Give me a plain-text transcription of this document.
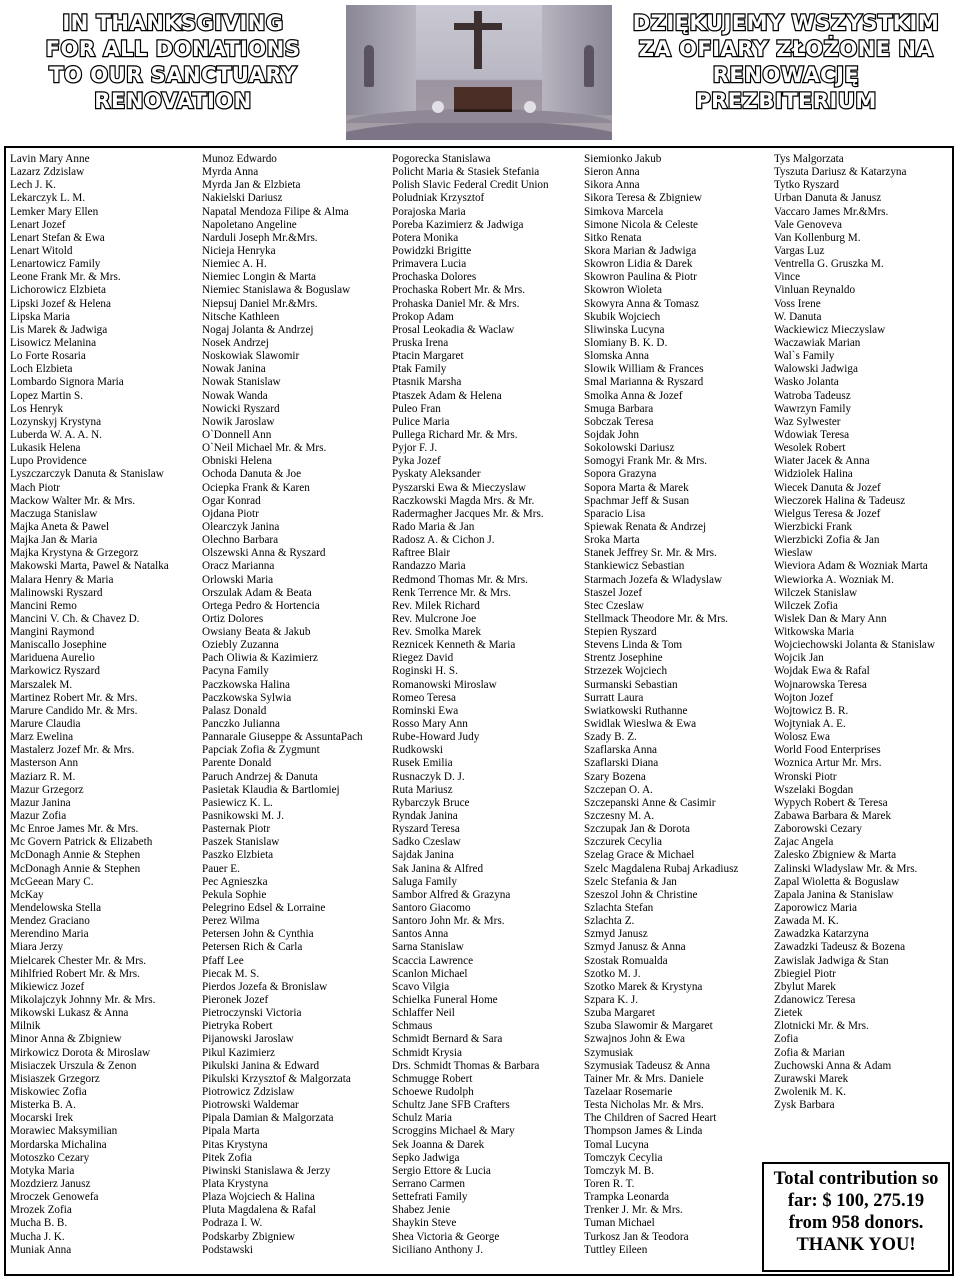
IN THANKSGIVING
FOR ALL DONATIONS
TO OUR SANCTUARY
RENOVATION
DZIĘKUJEMY WSZYSTKIM
ZA OFIARY ZŁOŻONE NA
RENOWACJĘ
PREZBITERIUM
Lavin Mary Anne
Lazarz Zdzislaw
Lech J. K.
Lekarczyk L. M.
Lemker Mary Ellen
Lenart Jozef
Lenart Stefan & Ewa
Lenart Witold
Lenartowicz Family
Leone Frank Mr. & Mrs.
Lichorowicz Elzbieta
Lipski Jozef & Helena
Lipska Maria
Lis Marek & Jadwiga
Lisowicz Melanina
Lo Forte Rosaria
Loch Elzbieta
Lombardo Signora Maria
Lopez Martin S.
Los Henryk
Lozynskyj Krystyna
Luberda W. A. A. N.
Lukasik Helena
Lupo Providence
Lyszczarczyk Danuta & Stanislaw
Mach Piotr
Mackow Walter Mr. & Mrs.
Maczuga Stanislaw
Majka Aneta & Pawel
Majka Jan & Maria
Majka Krystyna & Grzegorz
Makowski Marta, Pawel & Natalka
Malara Henry & Maria
Malinowski Ryszard
Mancini Remo
Mancini V. Ch. & Chavez D.
Mangini Raymond
Maniscallo Josephine
Mariduena Aurelio
Markowicz Ryszard
Marszalek M.
Martinez Robert Mr. & Mrs.
Marure Candido Mr. & Mrs.
Marure Claudia
Marz Ewelina
Mastalerz Jozef Mr. & Mrs.
Masterson Ann
Maziarz R. M.
Mazur Grzegorz
Mazur Janina
Mazur Zofia
Mc Enroe James Mr. & Mrs.
Mc Govern Patrick & Elizabeth
McDonagh Annie & Stephen
McDonagh Annie & Stephen
McGeean Mary C.
McKay
Mendelowska Stella
Mendez Graciano
Merendino Maria
Miara Jerzy
Mielcarek Chester Mr. & Mrs.
Mihlfried Robert Mr. & Mrs.
Mikiewicz Jozef
Mikolajczyk Johnny Mr. & Mrs.
Mikowski Lukasz & Anna
Milnik
Minor Anna & Zbigniew
Mirkowicz Dorota & Miroslaw
Misiaczek Urszula & Zenon
Misiaszek Grzegorz
Miskowiec Zofia
Misterka B. A.
Mocarski Irek
Morawiec Maksymilian
Mordarska Michalina
Motoszko Cezary
Motyka Maria
Mozdzierz Janusz
Mroczek Genowefa
Mrozek Zofia
Mucha B. B.
Mucha J. K.
Muniak Anna
Munoz Edwardo
Myrda Anna
Myrda Jan & Elzbieta
Nakielski Dariusz
Napatal Mendoza Filipe & Alma
Napoletano Angeline
Narduli Joseph Mr.&Mrs.
Nicieja Henryka
Niemiec A. H.
Niemiec Longin & Marta
Niemiec Stanislawa & Boguslaw
Niepsuj Daniel Mr.&Mrs.
Nitsche Kathleen
Nogaj Jolanta & Andrzej
Nosek Andrzej
Noskowiak Slawomir
Nowak Janina
Nowak Stanislaw
Nowak Wanda
Nowicki Ryszard
Nowik Jaroslaw
O`Donnell Ann
O`Neil Michael Mr. & Mrs.
Obniski Helena
Ochoda Danuta & Joe
Ociepka Frank & Karen
Ogar Konrad
Ojdana Piotr
Olearczyk Janina
Olechno Barbara
Olszewski Anna & Ryszard
Oracz Marianna
Orlowski Maria
Orszulak Adam & Beata
Ortega Pedro & Hortencia
Ortiz Dolores
Owsiany Beata & Jakub
Oziebly Zuzanna
Pach Oliwia & Kazimierz
Pacyna Family
Paczkowska Halina
Paczkowska Sylwia
Palasz Donald
Panczko Julianna
Pannarale Giuseppe & AssuntaPach
Papciak Zofia & Zygmunt
Parente Donald
Paruch Andrzej & Danuta
Pasietak Klaudia & Bartlomiej
Pasiewicz K. L.
Pasnikowski M. J.
Pasternak Piotr
Paszek Stanislaw
Paszko Elzbieta
Pauer E.
Pec Agnieszka
Pekula Sophie
Pelegrino Edsel & Lorraine
Perez Wilma
Petersen John & Cynthia
Petersen Rich & Carla
Pfaff Lee
Piecak M. S.
Pierdos Jozefa & Bronislaw
Pieronek Jozef
Pietroczynski Victoria
Pietryka Robert
Pijanowski Jaroslaw
Pikul Kazimierz
Pikulski Janina & Edward
Pikulski Krzysztof & Malgorzata
Piotrowicz Zdzislaw
Piotrowski Waldemar
Pipala Damian & Malgorzata
Pipala Marta
Pitas Krystyna
Pitek Zofia
Piwinski Stanislawa & Jerzy
Plata Krystyna
Plaza Wojciech & Halina
Pluta Magdalena & Rafal
Podraza I. W.
Podskarby Zbigniew
Podstawski
Pogorecka Stanislawa
Policht Maria & Stasiek Stefania
Polish Slavic Federal Credit Union
Poludniak Krzysztof
Porajoska Maria
Poreba Kazimierz & Jadwiga
Potera Monika
Powidzki Brigitte
Primavera Lucia
Prochaska Dolores
Prochaska Robert Mr. & Mrs.
Prohaska Daniel Mr. & Mrs.
Prokop Adam
Prosal Leokadia & Waclaw
Pruska Irena
Ptacin Margaret
Ptak Family
Ptasnik Marsha
Ptaszek Adam & Helena
Puleo Fran
Pulice Maria
Pullega Richard Mr. & Mrs.
Pyjor F. J.
Pyka Jozef
Pyskaty Aleksander
Pyszarski Ewa & Mieczyslaw
Raczkowski Magda Mrs. & Mr.
Radermagher Jacques Mr. & Mrs.
Rado Maria & Jan
Radosz A. & Cichon J.
Raftree Blair
Randazzo Maria
Redmond Thomas Mr. & Mrs.
Renk Terrence Mr. & Mrs.
Rev. Milek Richard
Rev. Mulcrone Joe
Rev. Smolka Marek
Reznicek Kenneth & Maria
Riegez David
Roginski H. S.
Romanowski Miroslaw
Romeo Teresa
Rominski Ewa
Rosso Mary Ann
Rube-Howard Judy
Rudkowski
Rusek Emilia
Rusnaczyk D. J.
Ruta Mariusz
Rybarczyk Bruce
Ryndak Janina
Ryszard Teresa
Sadko Czeslaw
Sajdak Janina
Sak Janina & Alfred
Saluga Family
Sambor Alfred & Grazyna
Santoro Giacomo
Santoro John Mr. & Mrs.
Santos Anna
Sarna Stanislaw
Scaccia Lawrence
Scanlon Michael
Scavo Vilgia
Schielka Funeral Home
Schlaffer Neil
Schmaus
Schmidt Bernard & Sara
Schmidt Krysia
Drs. Schmidt Thomas & Barbara
Schmugge Robert
Schoewe Rudolph
Schultz Jane SFB Crafters
Schulz Maria
Scroggins Michael & Mary
Sek Joanna & Darek
Sepko Jadwiga
Sergio Ettore & Lucia
Serrano Carmen
Settefrati Family
Shabez Jenie
Shaykin Steve
Shea Victoria & George
Siciliano Anthony J.
Siemionko Jakub
Sieron Anna
Sikora Anna
Sikora Teresa & Zbigniew
Simkova Marcela
Simone Nicola & Celeste
Sitko Renata
Skora Marian & Jadwiga
Skowron Lidia & Darek
Skowron Paulina & Piotr
Skowron Wioleta
Skowyra Anna & Tomasz
Skubik Wojciech
Sliwinska Lucyna
Slomiany B. K. D.
Slomska Anna
Slowik William & Frances
Smal Marianna & Ryszard
Smolka Anna & Jozef
Smuga Barbara
Sobczak Teresa
Sojdak John
Sokolowski Dariusz
Somogyi Frank Mr. & Mrs.
Sopora Grazyna
Sopora Marta & Marek
Spachmar Jeff & Susan
Sparacio Lisa
Spiewak Renata & Andrzej
Sroka Marta
Stanek Jeffrey Sr. Mr. & Mrs.
Stankiewicz Sebastian
Starmach Jozefa & Wladyslaw
Staszel Jozef
Stec Czeslaw
Stellmack Theodore Mr. & Mrs.
Stepien Ryszard
Stevens Linda & Tom
Strentz Josephine
Strzezek Wojciech
Surmanski Sebastian
Surratt Laura
Swiatkowski Ruthanne
Swidlak Wieslwa & Ewa
Szady B. Z.
Szaflarska Anna
Szaflarski Diana
Szary Bozena
Szczepan O. A.
Szczepanski Anne & Casimir
Szczesny M. A.
Szczupak Jan & Dorota
Szczurek Cecylia
Szelag Grace & Michael
Szelc Magdalena Rubaj Arkadiusz
Szelc Stefania & Jan
Szeszol John & Christine
Szlachta Stefan
Szlachta Z.
Szmyd Janusz
Szmyd Janusz & Anna
Szostak Romualda
Szotko M. J.
Szotko Marek & Krystyna
Szpara K. J.
Szuba Margaret
Szuba Slawomir & Margaret
Szwajnos John & Ewa
Szymusiak
Szymusiak Tadeusz & Anna
Tainer Mr. & Mrs. Daniele
Tazelaar Rosemarie
Testa Nicholas Mr. & Mrs.
The Children of Sacred Heart
Thompson James & Linda
Tomal Lucyna
Tomczyk Cecylia
Tomczyk M. B.
Toren R. T.
Trampka Leonarda
Trenker J. Mr. & Mrs.
Tuman Michael
Turkosz Jan & Teodora
Tuttley Eileen
Tys Malgorzata
Tyszuta Dariusz & Katarzyna
Tytko Ryszard
Urban Danuta & Janusz
Vaccaro James Mr.&Mrs.
Vale Genoveva
Van Kollenburg M.
Vargas Luz
Ventrella G. Gruszka M.
Vince
Vinluan Reynaldo
Voss Irene
W. Danuta
Wackiewicz Mieczyslaw
Waczawiak Marian
Wal`s Family
Walowski Jadwiga
Wasko Jolanta
Watroba Tadeusz
Wawrzyn Family
Waz Sylwester
Wdowiak Teresa
Wesolek Robert
Wiater Jacek & Anna
Widziolek Halina
Wiecek Danuta & Jozef
Wieczorek Halina & Tadeusz
Wielgus Teresa & Jozef
Wierzbicki Frank
Wierzbicki Zofia & Jan
Wieslaw
Wieviora Adam & Wozniak Marta
Wiewiorka A. Wozniak M.
Wilczek Stanislaw
Wilczek Zofia
Wislek Dan & Mary Ann
Witkowska Maria
Wojciechowski Jolanta & Stanislaw
Wojcik Jan
Wojdak Ewa & Rafal
Wojnarowska Teresa
Wojton Jozef
Wojtowicz B. R.
Wojtyniak A. E.
Wolosz Ewa
World Food Enterprises
Woznica Artur Mr. Mrs.
Wronski Piotr
Wszelaki Bogdan
Wypych Robert & Teresa
Zabawa Barbara & Marek
Zaborowski Cezary
Zajac Angela
Zalesko Zbigniew & Marta
Zalinski Wladyslaw Mr. & Mrs.
Zapal Wioletta & Boguslaw
Zapala Janina & Stanislaw
Zaporowicz Maria
Zawada M. K.
Zawadzka Katarzyna
Zawadzki Tadeusz & Bozena
Zawislak Jadwiga & Stan
Zbiegiel Piotr
Zbylut Marek
Zdanowicz Teresa
Zietek
Zlotnicki Mr. & Mrs.
Zofia
Zofia & Marian
Zuchowski Anna & Adam
Zurawski Marek
Zwolenik M. K.
Zysk Barbara
Total contribution so
far: $ 100, 275.19
from 958 donors.
THANK YOU!
